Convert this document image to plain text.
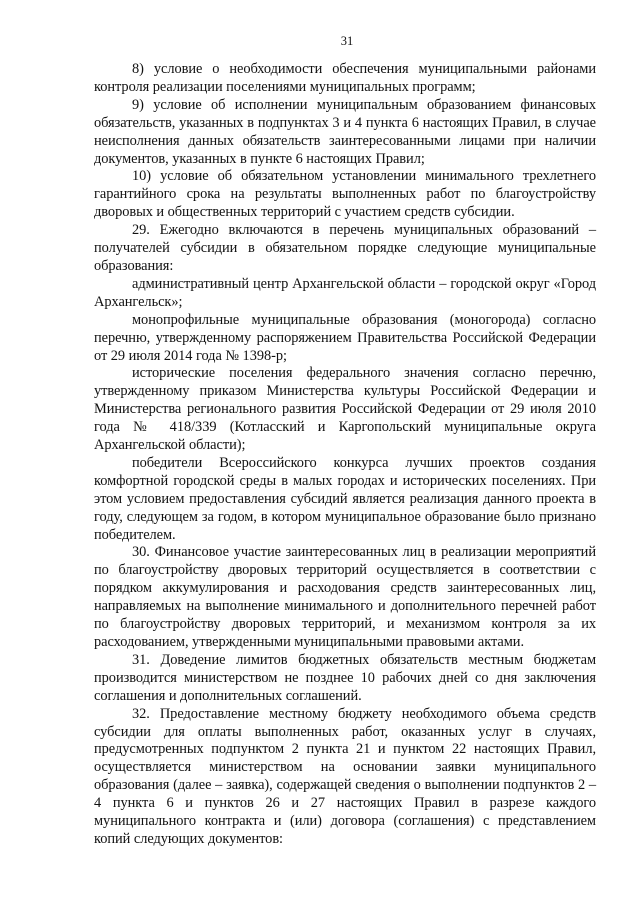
31

8) условие о необходимости обеспечения муниципальными районами контроля реализации поселениями муниципальных программ;

9) условие об исполнении муниципальным образованием финансовых обязательств, указанных в подпунктах 3 и 4 пункта 6 настоящих Правил, в случае неисполнения данных обязательств заинтересованными лицами при наличии документов, указанных в пункте 6 настоящих Правил;

10) условие об обязательном установлении минимального трехлетнего гарантийного срока на результаты выполненных работ по благоустройству дворовых и общественных территорий с участием средств субсидии.

29. Ежегодно включаются в перечень муниципальных образований – получателей субсидии в обязательном порядке следующие муниципальные образования:

административный центр Архангельской области – городской округ «Город Архангельск»;

монопрофильные муниципальные образования (моногорода) согласно перечню, утвержденному распоряжением Правительства Российской Федерации от 29 июля 2014 года № 1398-р;

исторические поселения федерального значения согласно перечню, утвержденному приказом Министерства культуры Российской Федерации и Министерства регионального развития Российской Федерации от 29 июля 2010 года № 418/339 (Котласский и Каргопольский муниципальные округа Архангельской области);

победители Всероссийского конкурса лучших проектов создания комфортной городской среды в малых городах и исторических поселениях. При этом условием предоставления субсидий является реализация данного проекта в году, следующем за годом, в котором муниципальное образование было признано победителем.

30. Финансовое участие заинтересованных лиц в реализации мероприятий по благоустройству дворовых территорий осуществляется в соответствии с порядком аккумулирования и расходования средств заинтересованных лиц, направляемых на выполнение минимального и дополнительного перечней работ по благоустройству дворовых территорий, и механизмом контроля за их расходованием, утвержденными муниципальными правовыми актами.

31. Доведение лимитов бюджетных обязательств местным бюджетам производится министерством не позднее 10 рабочих дней со дня заключения соглашения и дополнительных соглашений.

32. Предоставление местному бюджету необходимого объема средств субсидии для оплаты выполненных работ, оказанных услуг в случаях, предусмотренных подпунктом 2 пункта 21 и пунктом 22 настоящих Правил, осуществляется министерством на основании заявки муниципального образования (далее – заявка), содержащей сведения о выполнении подпунктов 2 – 4 пункта 6 и пунктов 26 и 27 настоящих Правил в разрезе каждого муниципального контракта и (или) договора (соглашения) с представлением копий следующих документов:
